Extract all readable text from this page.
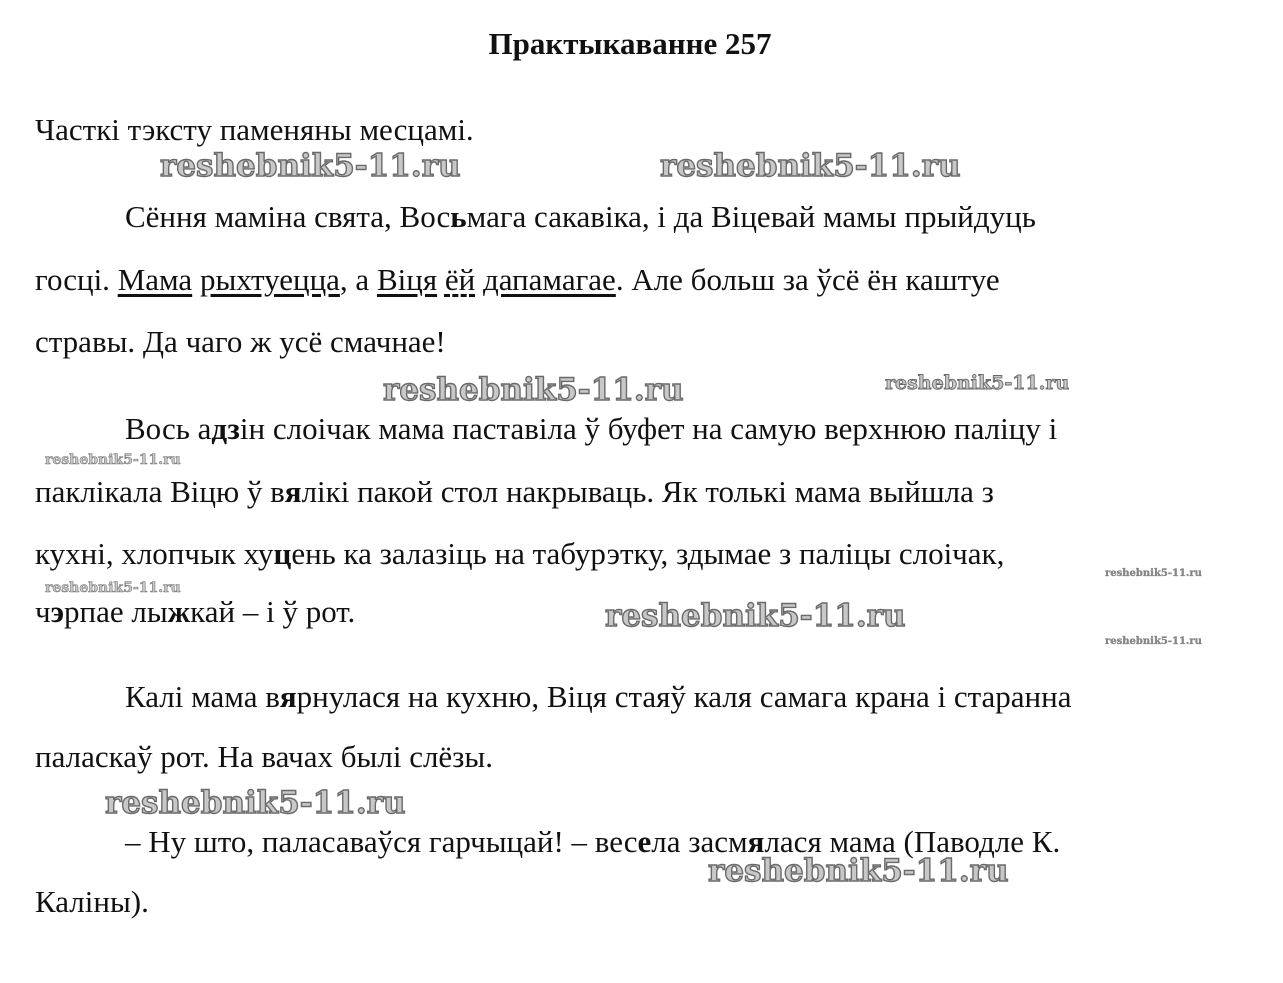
Практыкаванне 257
Часткі тэксту паменяны месцамі.
Сёння маміна свята, Восьмага сакавіка, і да Віцевай мамы прыйдуць
госці. Мама рыхтуецца, а Віця ёй дапамагае. Але больш за ўсё ён каштуе
стравы. Да чаго ж усё смачнае!
Вось адзін слоічак мама паставіла ў буфет на самую верхнюю паліцу і
паклікала Віцю ў вялікі пакой стол накрываць. Як толькі мама выйшла з
кухні, хлопчык хуцень ка залазіць на табурэтку, здымае з паліцы слоічак,
чэрпае лыжкай – і ў рот.
Калі мама вярнулася на кухню, Віця стаяў каля самага крана і старанна
паласкаў рот. На вачах былі слёзы.
– Ну што, паласаваўся гарчыцай! – весела засмялася мама (Паводле К.
Каліны).
reshebnik5-11.ru	reshebnik5-11.ru
reshebnik5-11.ru	reshebnik5-11.ru
reshebnik5-11.ru
reshebnik5-11.ru
reshebnik5-11.ru
reshebnik5-11.ru
reshebnik5-11.ru
reshebnik5-11.ru
reshebnik5-11.ru
